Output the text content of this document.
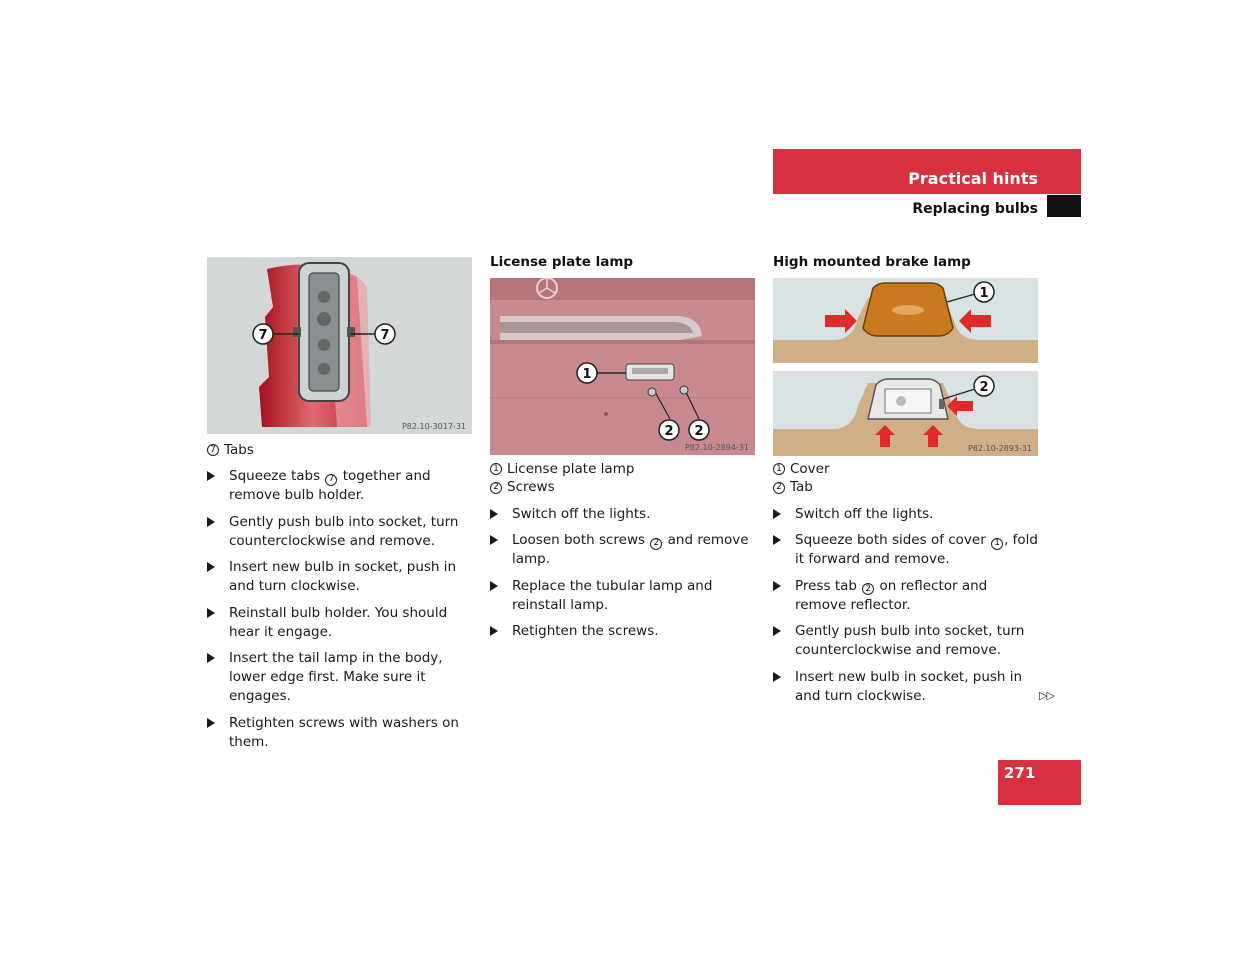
Practical hints
Replacing bulbs
7	7
P82.10-3017-31
7 Tabs
Squeeze tabs 7 together and remove bulb holder.
Gently push bulb into socket, turn counterclockwise and remove.
Insert new bulb in socket, push in and turn clockwise.
Reinstall bulb holder. You should hear it engage.
Insert the tail lamp in the body, lower edge first. Make sure it engages.
Retighten screws with washers on them.
License plate lamp
1
2 2
P82.10-2894-31
1 License plate lamp
2 Screws
Switch off the lights.
Loosen both screws 2 and remove lamp.
Replace the tubular lamp and reinstall lamp.
Retighten the screws.
High mounted brake lamp
1
2
P82.10-2893-31
1 Cover
2 Tab
Switch off the lights.
Squeeze both sides of cover 1 , fold it forward and remove.
Press tab 2 on reflector and remove reflector.
Gently push bulb into socket, turn counterclockwise and remove.
Insert new bulb in socket, push in and turn clockwise.	▷▷
271
